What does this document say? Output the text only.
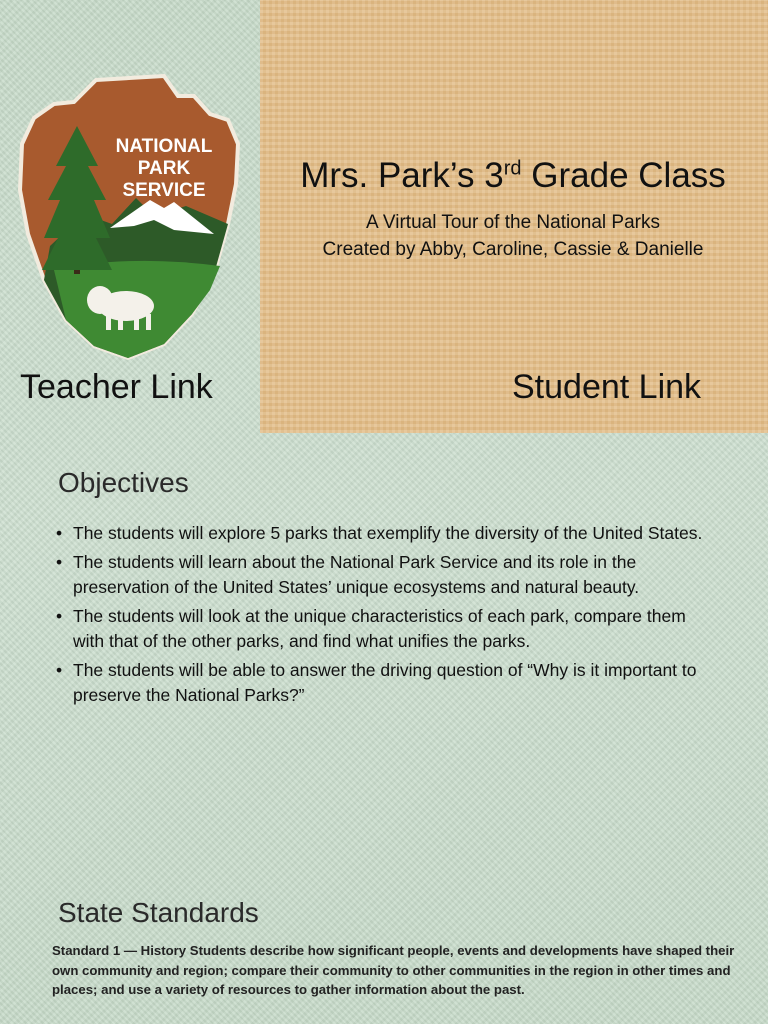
NATIONAL
PARK
SERVICE	Mrs. Park’s 3rd Grade Class
A Virtual Tour of the National Parks
Created by Abby, Caroline, Cassie & Danielle
Teacher Link	Student Link
Objectives
• The students will explore 5 parks that exemplify the diversity of the United States.
• The students will learn about the National Park Service and its role in the preservation of the United States’ unique ecosystems and natural beauty.
• The students will look at the unique characteristics of each park, compare them with that of the other parks, and find what unifies the parks.
• The students will be able to answer the driving question of “Why is it important to preserve the National Parks?”
State Standards
Standard 1 — History Students describe how significant people, events and developments have shaped their own community and region; compare their community to other communities in the region in other times and places; and use a variety of resources to gather information about the past.
